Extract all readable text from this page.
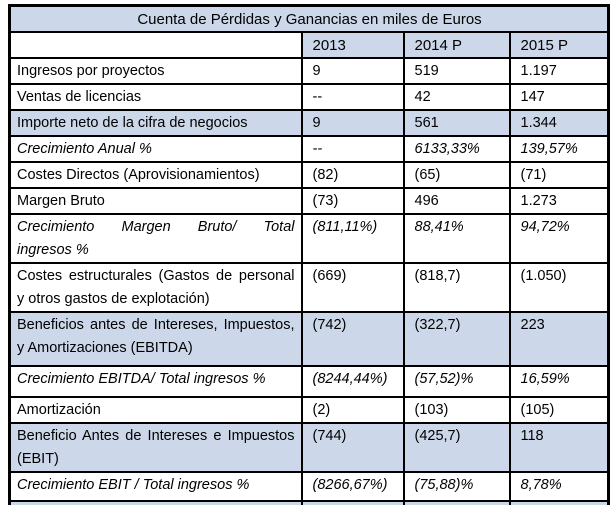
Cuenta de Pérdidas y Ganancias en miles de Euros			
	2013	2014 P	2015 P

Ingresos por proyectos	9	519	1.197

Ventas de licencias	--	42	147

Importe neto de la cifra de negocios	9	561	1.344

Crecimiento Anual %	--	6133,33%	139,57%

Costes Directos (Aprovisionamientos)	(82)	(65)	(71)

Margen Bruto	(73)	496	1.273

Crecimiento Margen Bruto/ Total
ingresos %	(811,11%)	88,41%	94,72%

Costes estructurales (Gastos de personal
y otros gastos de explotación)	(669)	(818,7)	(1.050)

Beneficios antes de Intereses, Impuestos,
y Amortizaciones (EBITDA)	(742)	(322,7)	223

Crecimiento EBITDA/ Total ingresos %	(8244,44%)	(57,52)%	16,59%

Amortización	(2)	(103)	(105)

Beneficio Antes de Intereses e Impuestos
(EBIT)	(744)	(425,7)	118

Crecimiento EBIT / Total ingresos %	(8266,67%)	(75,88)%	8,78%
